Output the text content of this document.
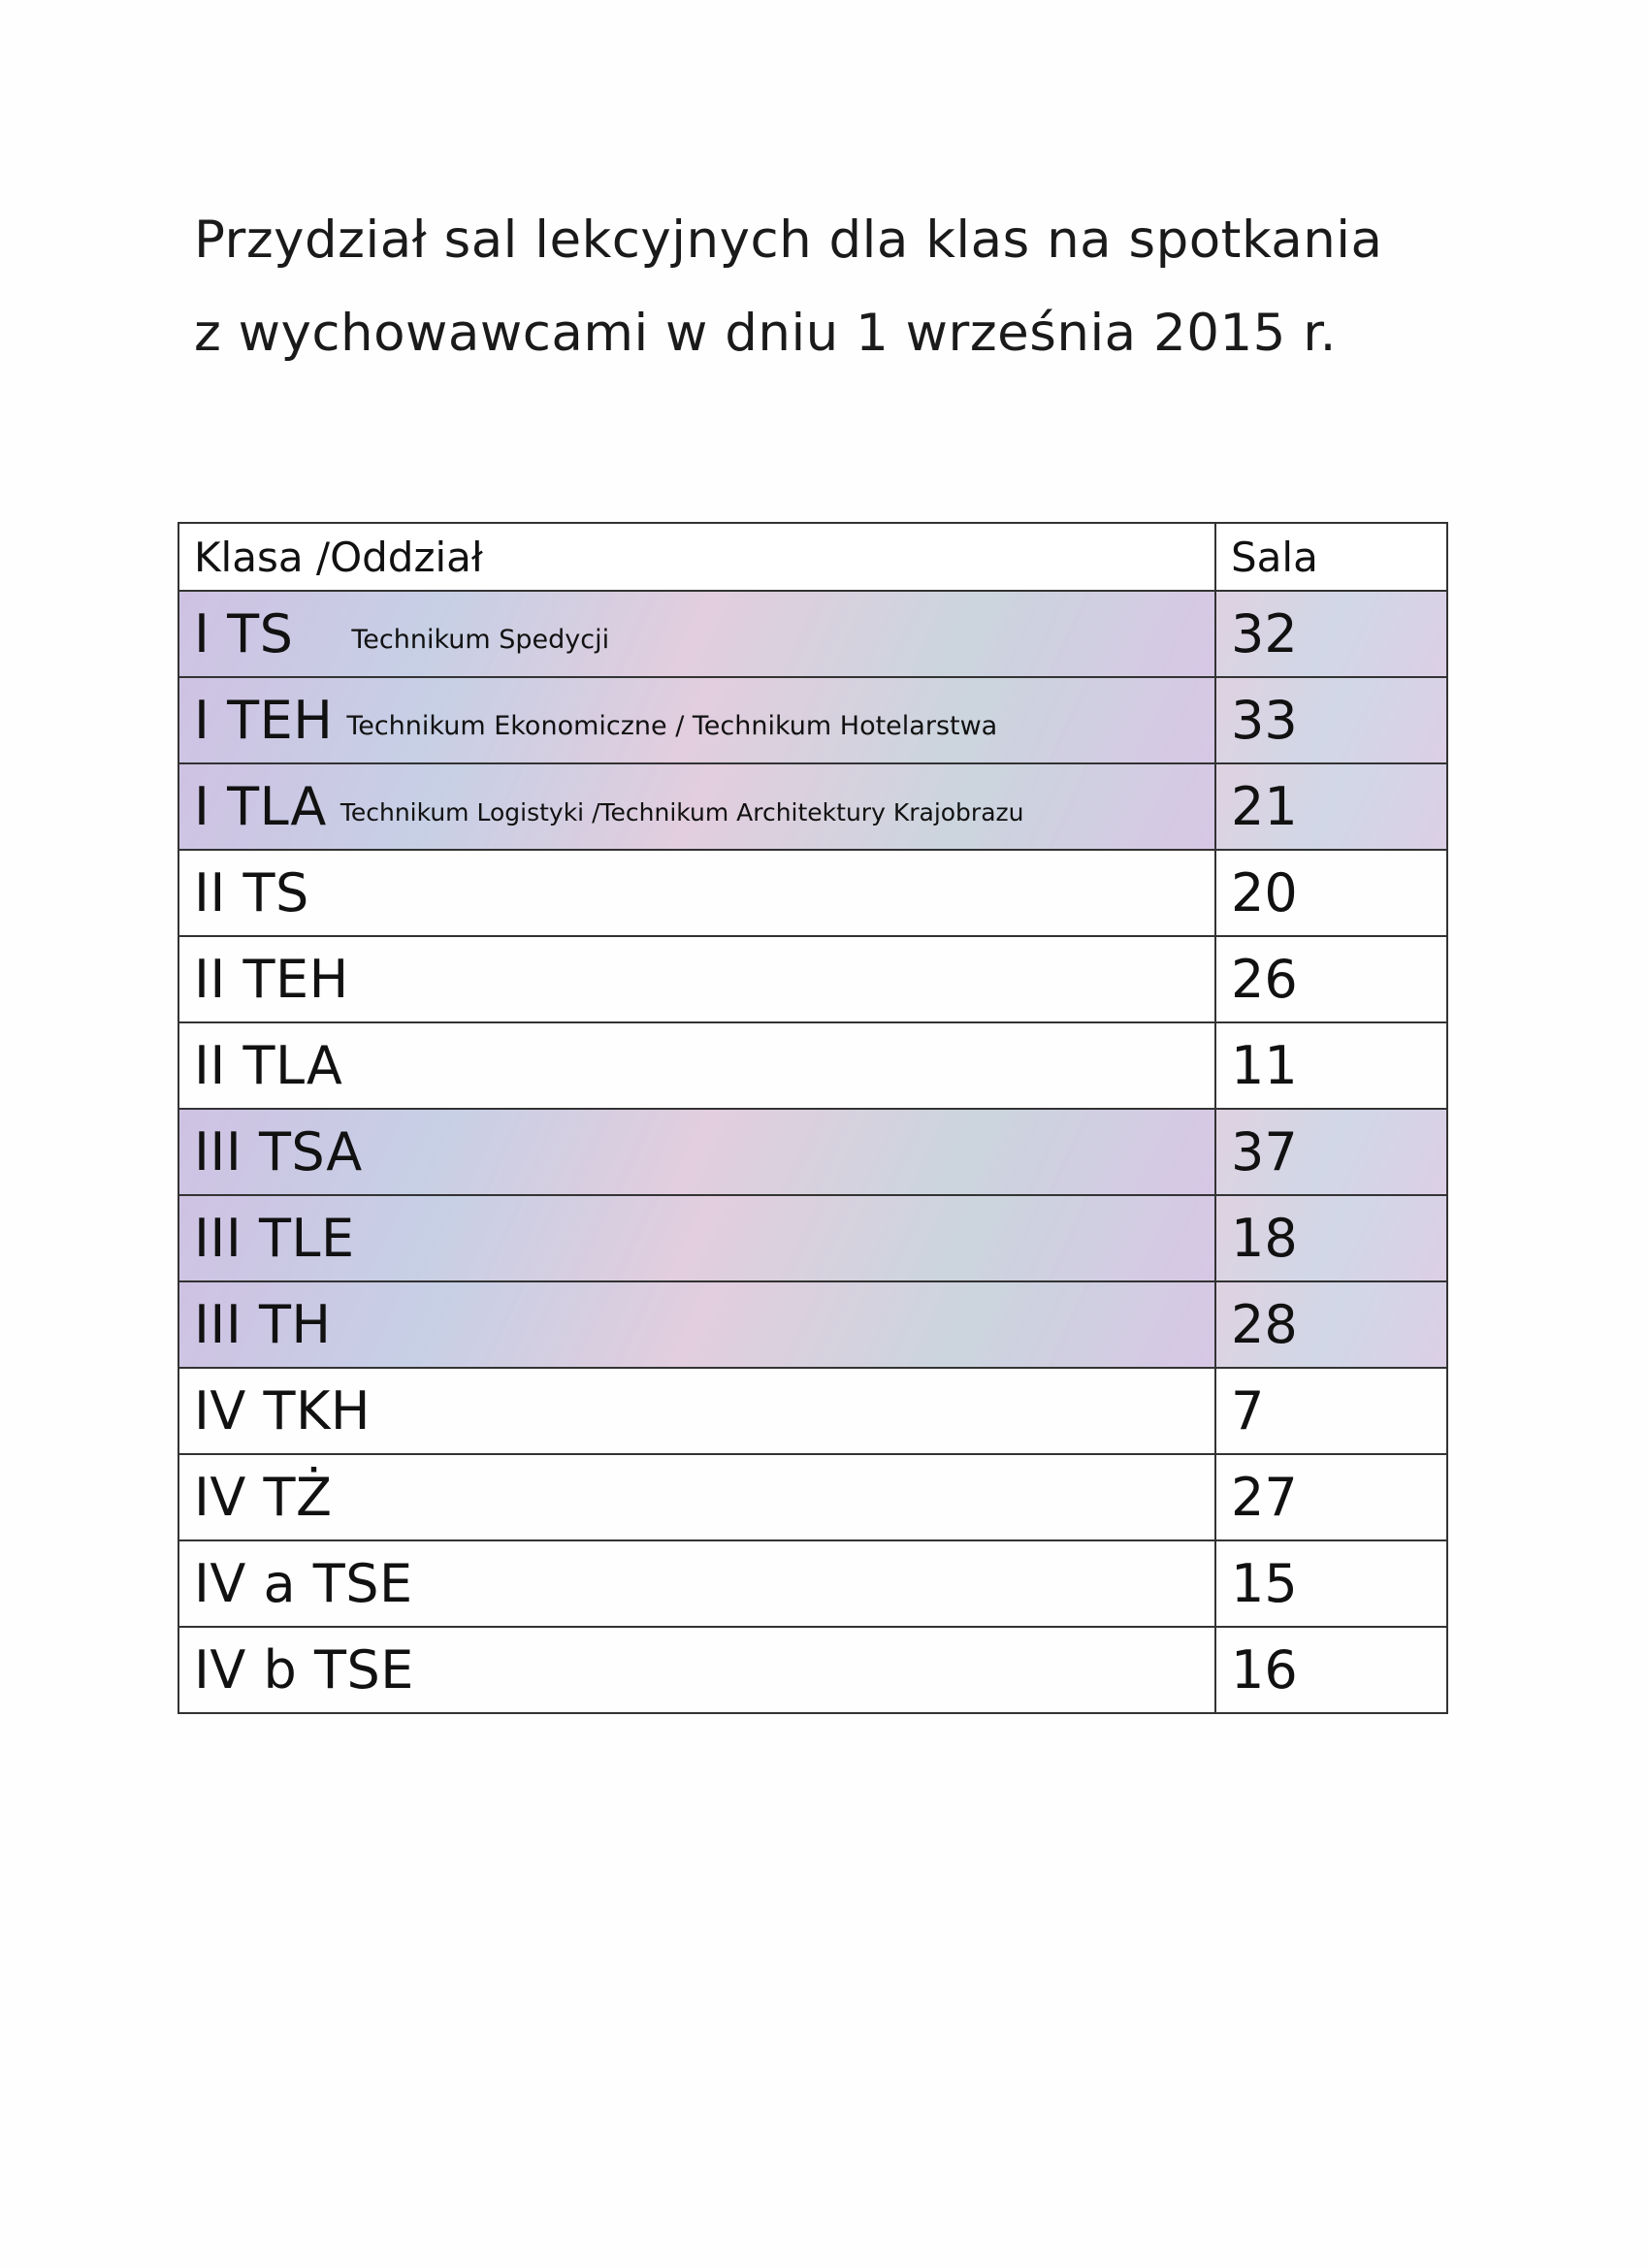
Przydział sal lekcyjnych dla klas na spotkania
z wychowawcami w dniu 1 września 2015 r.
Klasa /Oddział	Sala
I TS Technikum Spedycji	32
I TEH Technikum Ekonomiczne / Technikum Hotelarstwa	33
I TLA Technikum Logistyki /Technikum Architektury Krajobrazu	21
II TS	20
II TEH	26
II TLA	11
III TSA	37
III TLE	18
III TH	28
IV TKH	7
IV TŻ	27
IV a TSE	15
IV b TSE	16
